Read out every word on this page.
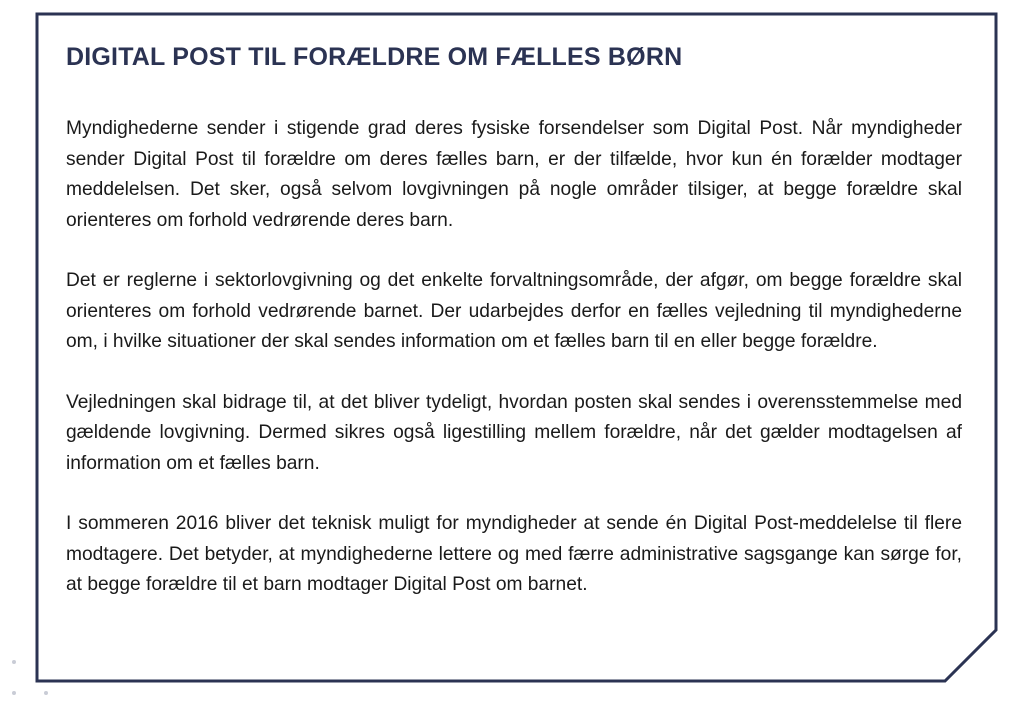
DIGITAL POST TIL FORÆLDRE OM FÆLLES BØRN

Myndighederne sender i stigende grad deres fysiske forsendelser som Digital Post. Når myndigheder sender Digital Post til forældre om deres fælles barn, er der tilfælde, hvor kun én forælder modtager meddelelsen. Det sker, også selvom lovgivningen på nogle områder tilsiger, at begge forældre skal orienteres om forhold vedrørende deres barn.

Det er reglerne i sektorlovgivning og det enkelte forvaltningsområde, der afgør, om begge forældre skal orienteres om forhold vedrørende barnet. Der udarbejdes derfor en fælles vejledning til myndighederne om, i hvilke situationer der skal sendes information om et fælles barn til en eller begge forældre.

Vejledningen skal bidrage til, at det bliver tydeligt, hvordan posten skal sendes i overensstemmelse med gældende lovgivning. Dermed sikres også ligestilling mellem forældre, når det gælder modtagelsen af information om et fælles barn.

I sommeren 2016 bliver det teknisk muligt for myndigheder at sende én Digital Post-meddelelse til flere modtagere. Det betyder, at myndighederne lettere og med færre administrative sagsgange kan sørge for, at begge forældre til et barn modtager Digital Post om barnet.
